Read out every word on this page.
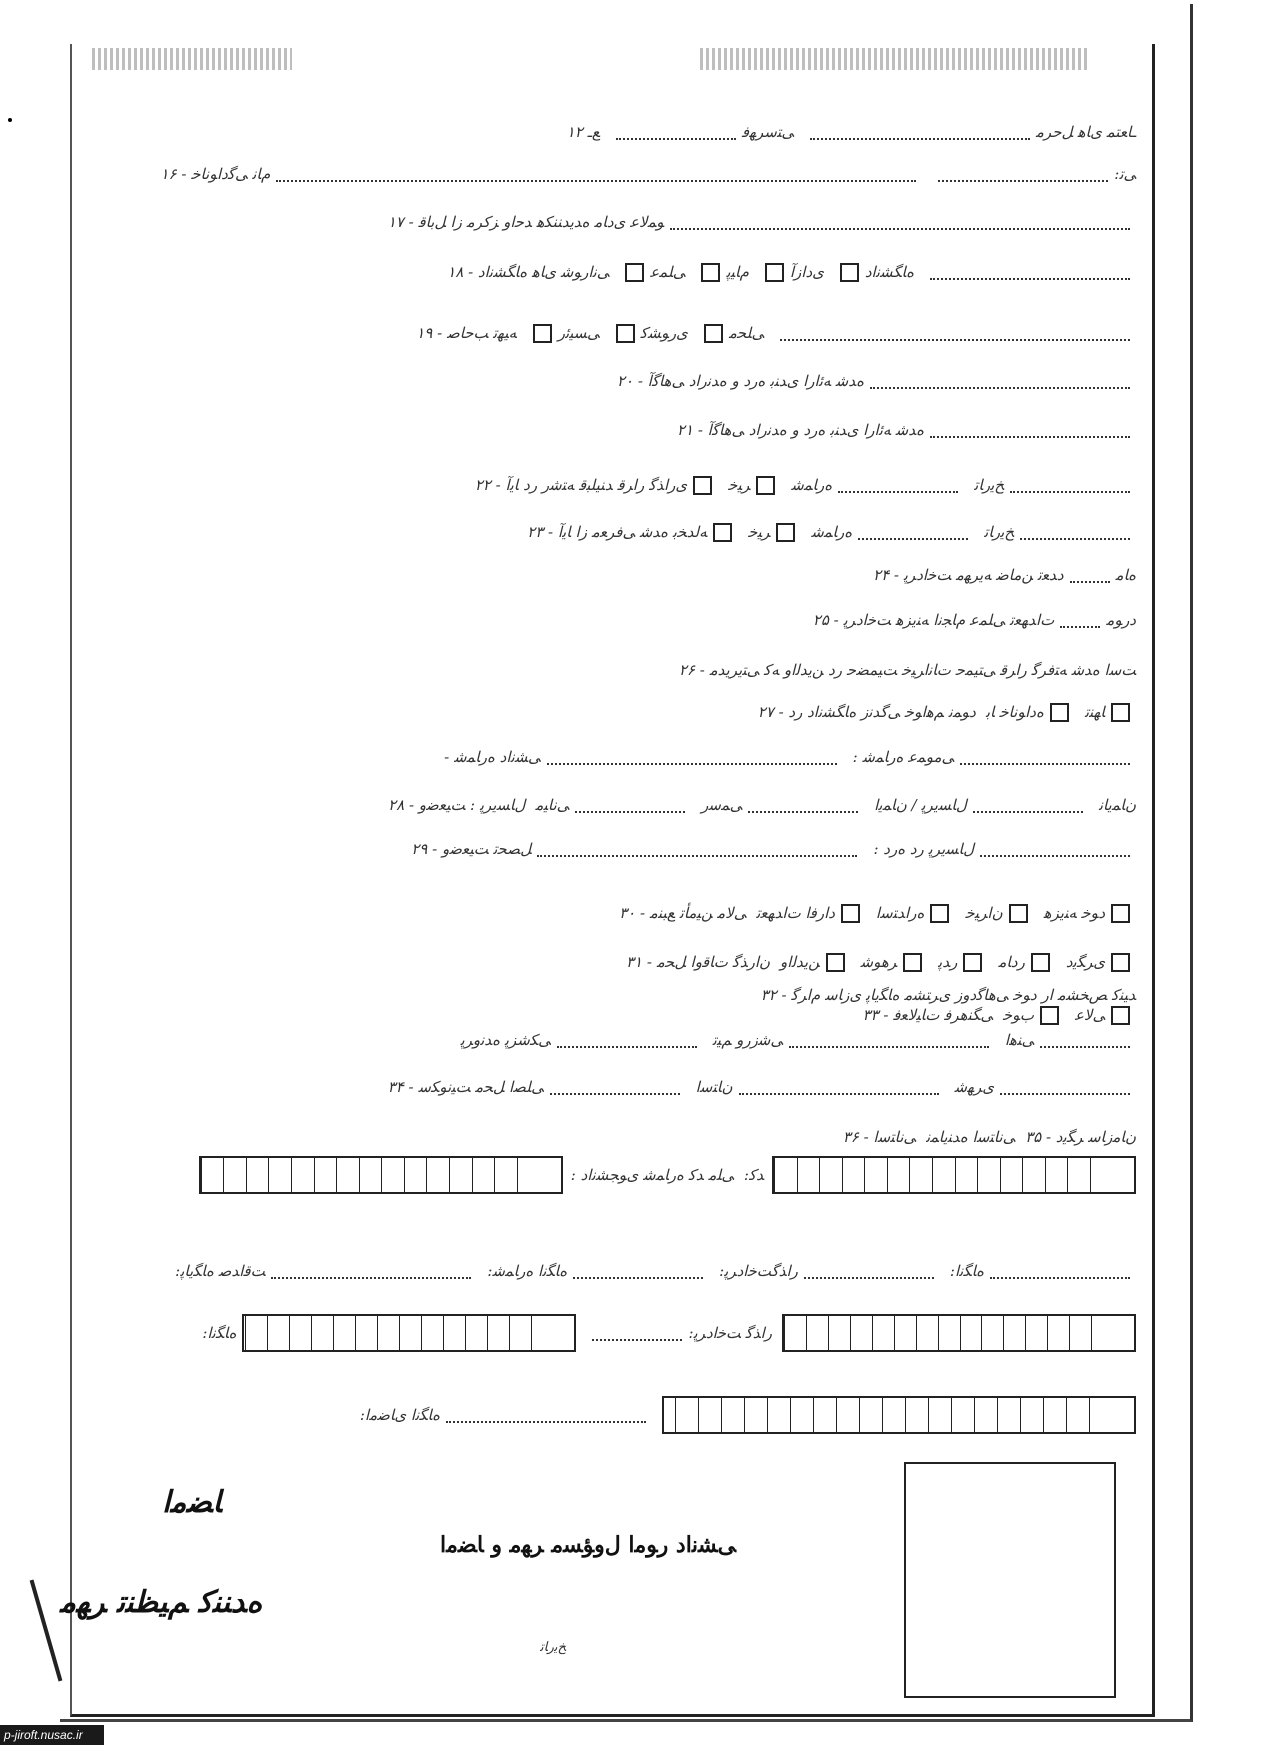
ـﺎﻌﺘﻤ ﯼﺎﻫ ﻞﺣﺮﻣ
ﯽﺘﺳﺮﻬﻓ
ﻊـ ۱۲
ﯽﺗ:
ﻡﺎﻧ ﯽﮔﺩﺍﻮﻧﺎﺧ - ۱۶
ﻮﻤﻟﺎﻋ ﯼﺩﺎﻣ ﻩﺪﻳﺪﻨﻨﮑﻫ ﺪﺣﺍﻭ ﺰﮐﺮﻣ ﺯﺍ ﻞﺑﺎﻗ - ۱۷
ﻩﺎﮕﺸﻧﺍﺩ
ﯼﺩﺍﺯﺁ
ﻡﺎﻴﭘ
ﯽﻠﻤﻋ
ﯽﻧﺍﺭﻮﺷ ﯼﺎﻫ ﻩﺎﮕﺸﻧﺍﺩ - ۱۸
ﯽﻠﺤﻣ
ﯼﺭﻮﺸﮐ
ﯽﺴﻴﺋﺭ
ﻪﻴﻬﺗ ﺐﺣﺎﺻ - ۱۹
ﻩﺪﺷ ﻪﺋﺍﺭﺍ ﯼﺪﻨﺑ ﻩﺭﺩ ﻭ ﻩﺪﻧﺭﺍﺩ ﯽﻫﺎﮔﺁ - ۲۰
ﻩﺪﺷ ﻪﺋﺍﺭﺍ ﯼﺪﻨﺑ ﻩﺭﺩ ﻭ ﻩﺪﻧﺭﺍﺩ ﯽﻫﺎﮔﺁ - ۲۱
ﺦﻳﺭﺎﺗ
ﻩﺭﺎﻤﺷ
ﺮﻴﺧ
ﯼﺭﺍﺬﮔ ﺭﺍﺮﻗ ﺪﻨﻴﻠﺒﻗ ﻪﺘﺷﺭ ﺭﺩ ﺎﻳﺁ - ۲۲
ﺦﻳﺭﺎﺗ
ﻩﺭﺎﻤﺷ
ﺮﻴﺧ
ﻪﻟﺪﺨﺑ ﻩﺪﺷ ﯽﻓﺮﻌﻣ ﺯﺍ ﺎﻳﺁ - ۲۳
ﻩﺎﻣ
ﺩﺪﻌﺗ ﻦﻣﺎﺿ ﻪﻳﺮﻬﻣ ﺖﺧﺍﺩﺮﭘ - ۲۴
ﺩﺭﻮﻣ
ﺕﺍﺪﻬﻌﺗ ﯽﻠﻤﻋ ﻡﺎﺠﻧﺍ ﻪﻨﻳﺰﻫ ﺖﺧﺍﺩﺮﭘ - ۲۵
ﺖﺳﺍ ﻩﺪﺷ ﻪﺘﻓﺮﮔ ﺭﺍﺮﻗ ﯽﺘﻴﻤﺣ ﺕﺎﻧﺍﺮﻴﺧ ﺖﻴﻤﻀﺣ ﺭﺩ ﻦﻳﺪﻟﺍﻭ ﻪﮐ ﯽﺘﻳﺮﻳﺪﻣ - ۲۶
ﺎﻬﻨﺗ
ﻩﺩﺍﻮﻧﺎﺧ ﺎﺑ
ﺩﻮﻤﻧ ﻢﻫﺍﻮﺧ ﯽﮔﺪﻧﺯ ﻩﺎﮕﺸﻧﺍﺩ ﺭﺩ - ۲۷
ﯽﻣﻮﻤﻋ ﻩﺭﺎﻤﺷ :
ﯽﺸﻧﺍﺩ ﻩﺭﺎﻤﺷ -
ﻥﺎﻤﻳﺎﻧ
ﻝﺎﺴﻳﺮﭘ / ﻥﺎﻤﻳﺍ
ﯽﻤﺳﺭ
ﯽﻧﺎﻴﻣ
ﻝﺎﺴﻳﺮﭘ : ﺖﻴﻌﺿﻭ - ۲۸
ﻝﺎﺴﻳﺮﭘ ﺭﺩ ﻩﺭﺩ :
ﻞﺼﺤﺗ ﺖﻴﻌﺿﻭ - ۲۹
ﺩﻮﺧ ﻪﻨﻳﺰﻫ
ﻥﺍﺮﻴﺧ
ﻩﺭﺍﺪﺘﺳﺍ
ﺩﺍﺭﻓﺍ ﺕﺍﺪﻬﻌﺗ
ﯽﻟﺎﻣ ﻦﻴﻣﺄﺗ ﻊﺒﻨﻣ - ۳۰
ﯼﺮﮕﻳﺩ
ﺭﺩﺎﻣ
ﺭﺪﭘ
ﺮﻫﻮﺷ
ﻦﻳﺪﻟﺍﻭ
ﻥﺍﺭﺬﮔ ﺕﺎﻗﻭﺍ ﻞﺤﻣ - ۳۱
ﺪﻴﻨﮐ ﺺﺨﺸﻣ ﺍﺭ ﺩﻮﺧ ﯽﻫﺎﮔﺩﻭﺯ ﯼﺮﺘﺸﻣ ﻩﺎﮕﻳﺎﭘ ﯼﺯﺎﺳ ﻡﺍﺮﮔ - ۳۲
ﯽﻟﺎﻋ
ﺏﻮﺧ
ﯽﮕﻨﻫﺮﻓ ﺕﺎﻴﻟﺎﻌﻓ - ۳۳
ﯽﻨﻫﺍ
ﯽﺷﺯﺭﻭ ﻢﻴﺗ
ﯽﮑﺷﺰﭘ ﻩﺪﻧﻭﺮﭘ
ﯼﺮﻬﺷ
ﻥﺎﺘﺳﺍ
ﯽﻠﺼﺍ ﻞﺤﻣ ﺖﻴﻧﻮﮑﺳ - ۳۴
ﻥﺎﻣﺯﺎﺳ ﺮﮕﻳﺩ - ۳۵
ﯽﻧﺎﺘﺳﺍ ﻩﺪﻨﻳﺎﻤﻧ
ﯽﻧﺎﺘﺳﺍ - ۳۶
ﺪﻛ:
ﯽﻠﻣ ﺪﻛ ﻩﺭﺎﻤﺷ ﯼﻮﺠﺸﻧﺍﺩ :
ﻩﺎﮕﻧﺍ:
ﺭﺍﺬﮔﺖﺧﺍﺩﺮﭘ:
ﻩﺎﮕﻧﺍ ﻩﺭﺎﻤﺷ:
ﺖﻗﺍﺪﺻ ﻩﺎﮕﻳﺎﭘ:
ﺭﺍﺬﮔ ﺖﺧﺍﺩﺮﭘ:
ﻩﺎﮕﻧﺍ:
ﻩﺎﮕﻧﺍ ﯼﺎﺿﻣﺍ:
ﺎﻀﻣﺍ
ﻩﺪﻨﻨﮐ ﻢﻴﻈﻨﺗ ﺮﻬﻣ
ﯽﺸﻧﺍﺩ ﺭﻮﻣﺍ ﻝﻭﺆﺴﻣ ﺮﻬﻣ ﻭ ﺎﻀﻣﺍ
ﺦﻳﺭﺎﺗ
p-jiroft.nusac.ir
